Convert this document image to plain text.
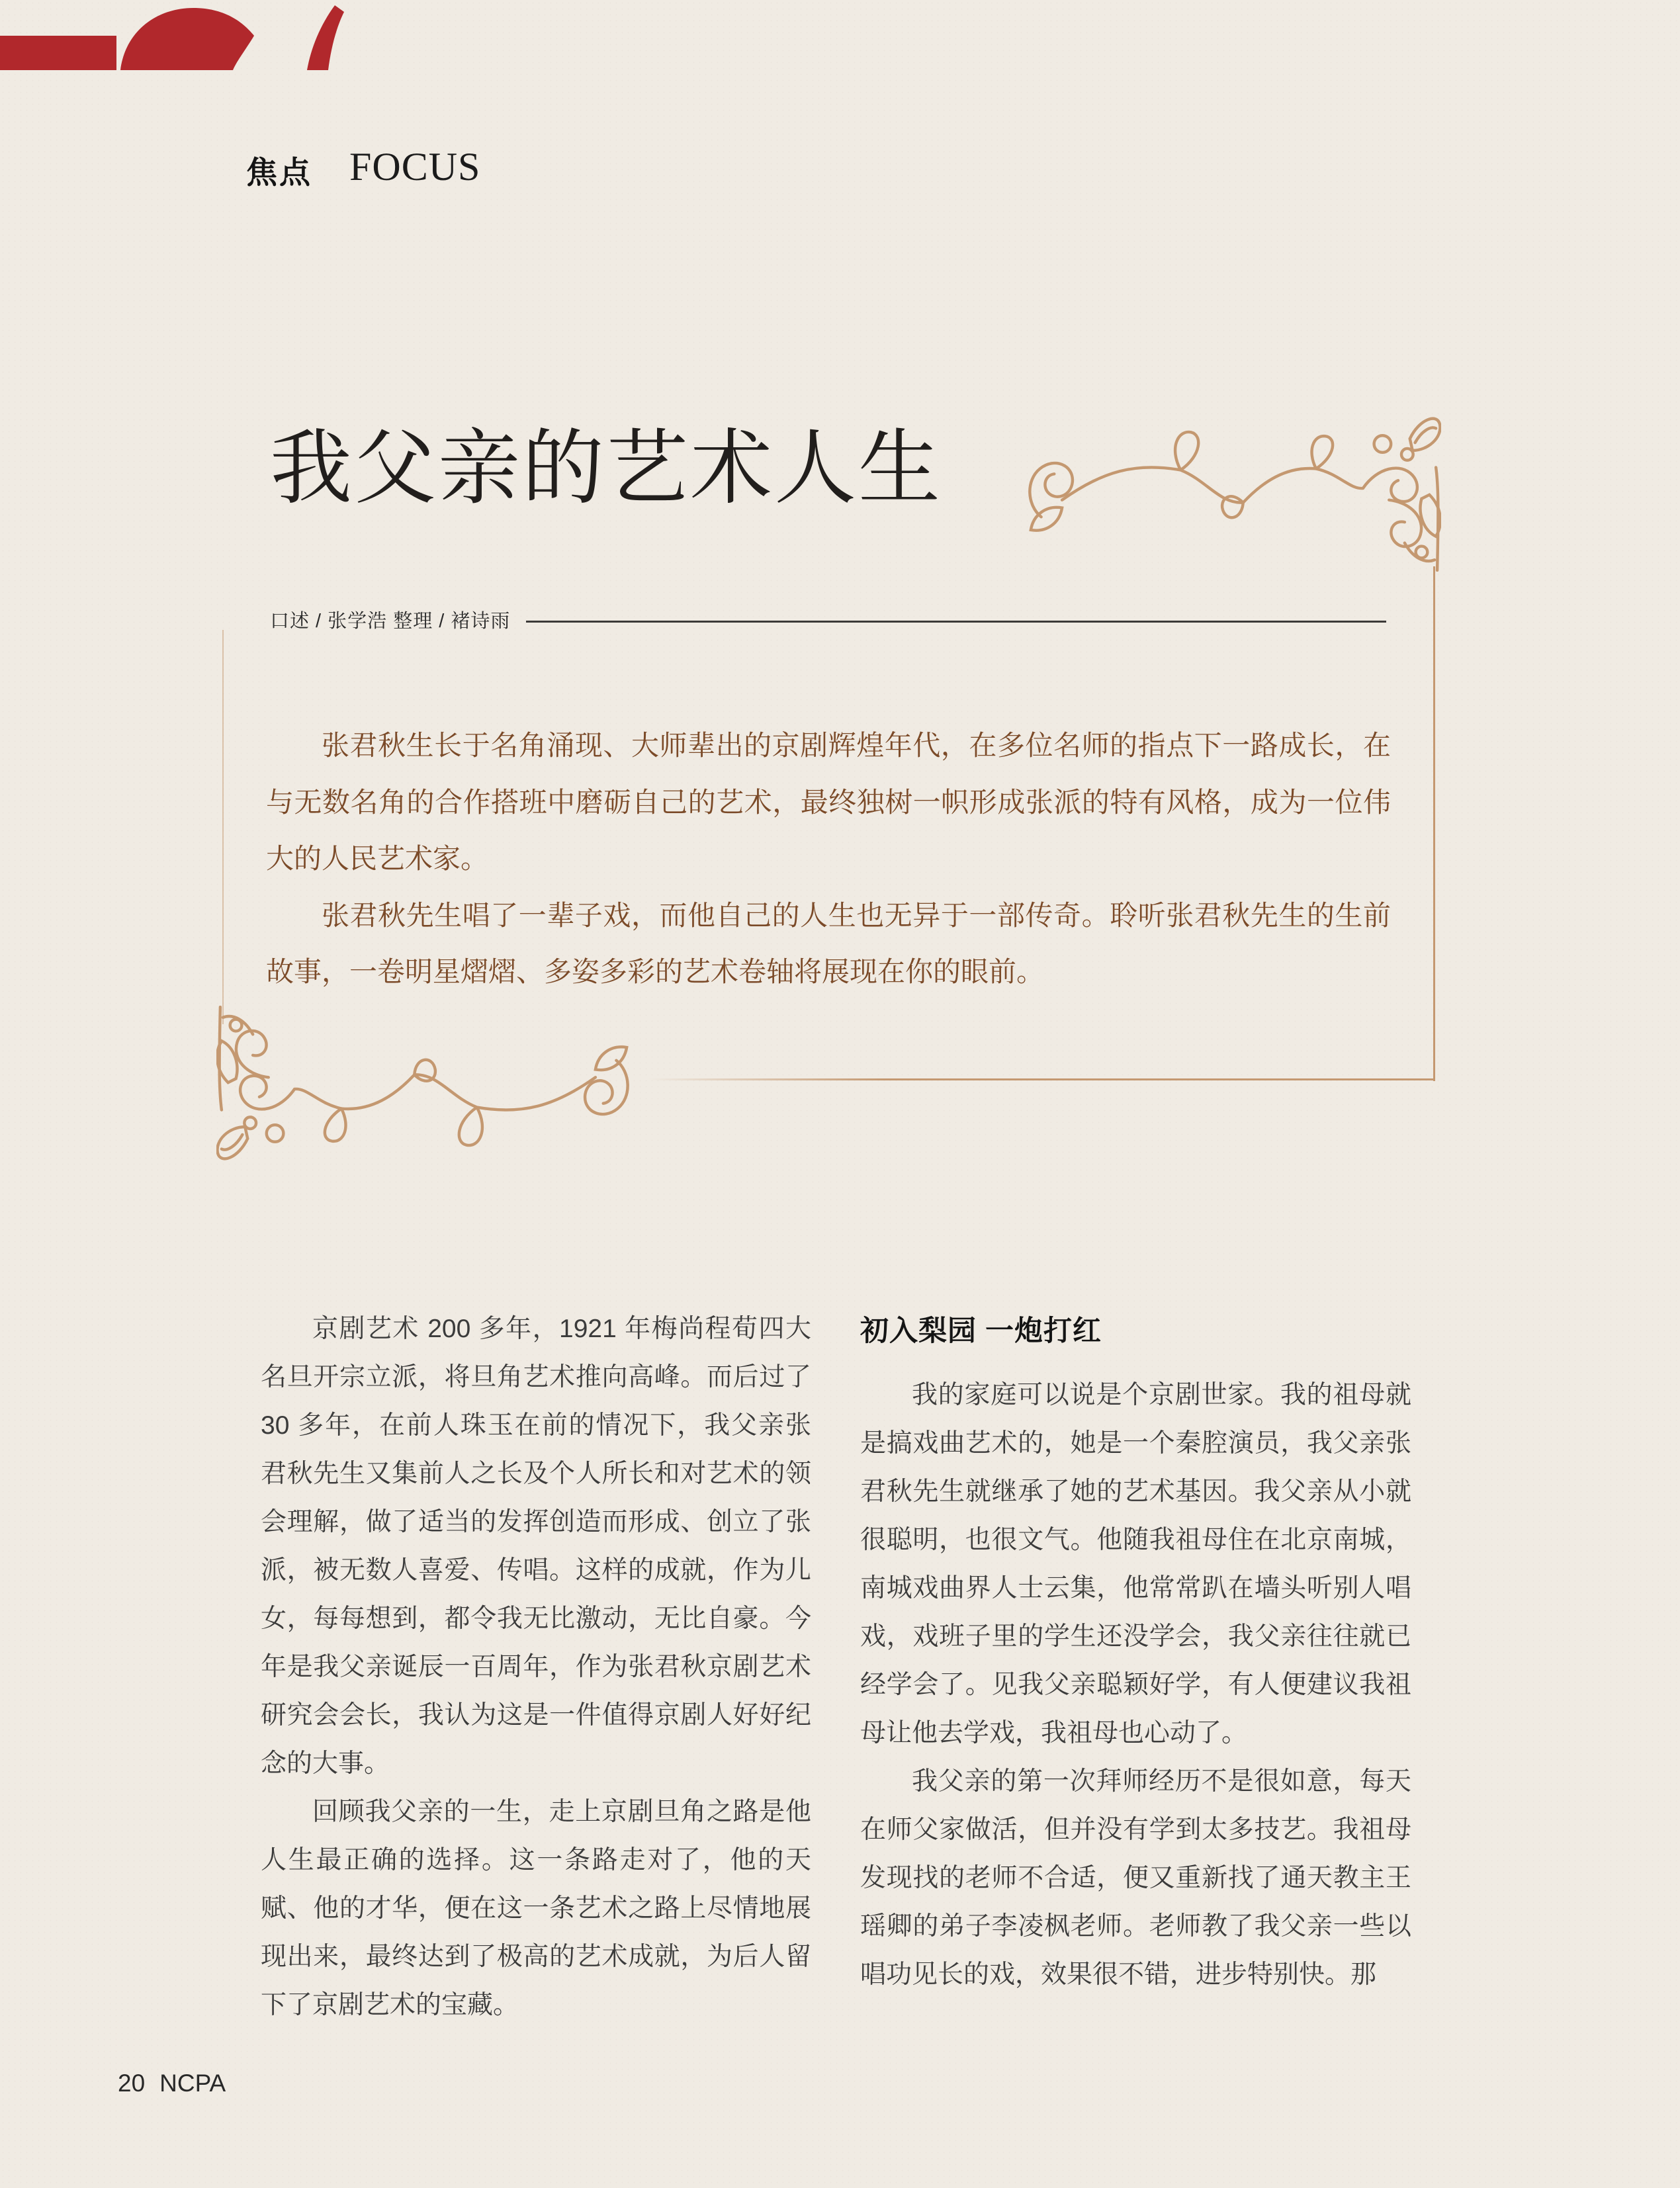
焦点 FOCUS
我父亲的艺术人生
口述 / 张学浩 整理 / 褚诗雨

张君秋生长于名角涌现、大师辈出的京剧辉煌年代，在多位名师的指点下一路成长，在与无数名角的合作搭班中磨砺自己的艺术，最终独树一帜形成张派的特有风格，成为一位伟大的人民艺术家。

张君秋先生唱了一辈子戏，而他自己的人生也无异于一部传奇。聆听张君秋先生的生前故事，一卷明星熠熠、多姿多彩的艺术卷轴将展现在你的眼前。

京剧艺术 200 多年，1921 年梅尚程荀四大名旦开宗立派，将旦角艺术推向高峰。而后过了 30 多年，在前人珠玉在前的情况下，我父亲张君秋先生又集前人之长及个人所长和对艺术的领会理解，做了适当的发挥创造而形成、创立了张派，被无数人喜爱、传唱。这样的成就，作为儿女，每每想到，都令我无比激动，无比自豪。今年是我父亲诞辰一百周年，作为张君秋京剧艺术研究会会长，我认为这是一件值得京剧人好好纪念的大事。

回顾我父亲的一生，走上京剧旦角之路是他人生最正确的选择。这一条路走对了，他的天赋、他的才华，便在这一条艺术之路上尽情地展现出来，最终达到了极高的艺术成就，为后人留下了京剧艺术的宝藏。

初入梨园 一炮打红

我的家庭可以说是个京剧世家。我的祖母就是搞戏曲艺术的，她是一个秦腔演员，我父亲张君秋先生就继承了她的艺术基因。我父亲从小就很聪明，也很文气。他随我祖母住在北京南城，南城戏曲界人士云集，他常常趴在墙头听别人唱戏，戏班子里的学生还没学会，我父亲往往就已经学会了。见我父亲聪颖好学，有人便建议我祖母让他去学戏，我祖母也心动了。

我父亲的第一次拜师经历不是很如意，每天在师父家做活，但并没有学到太多技艺。我祖母发现找的老师不合适，便又重新找了通天教主王瑶卿的弟子李凌枫老师。老师教了我父亲一些以唱功见长的戏，效果很不错，进步特别快。那

20 NCPA
